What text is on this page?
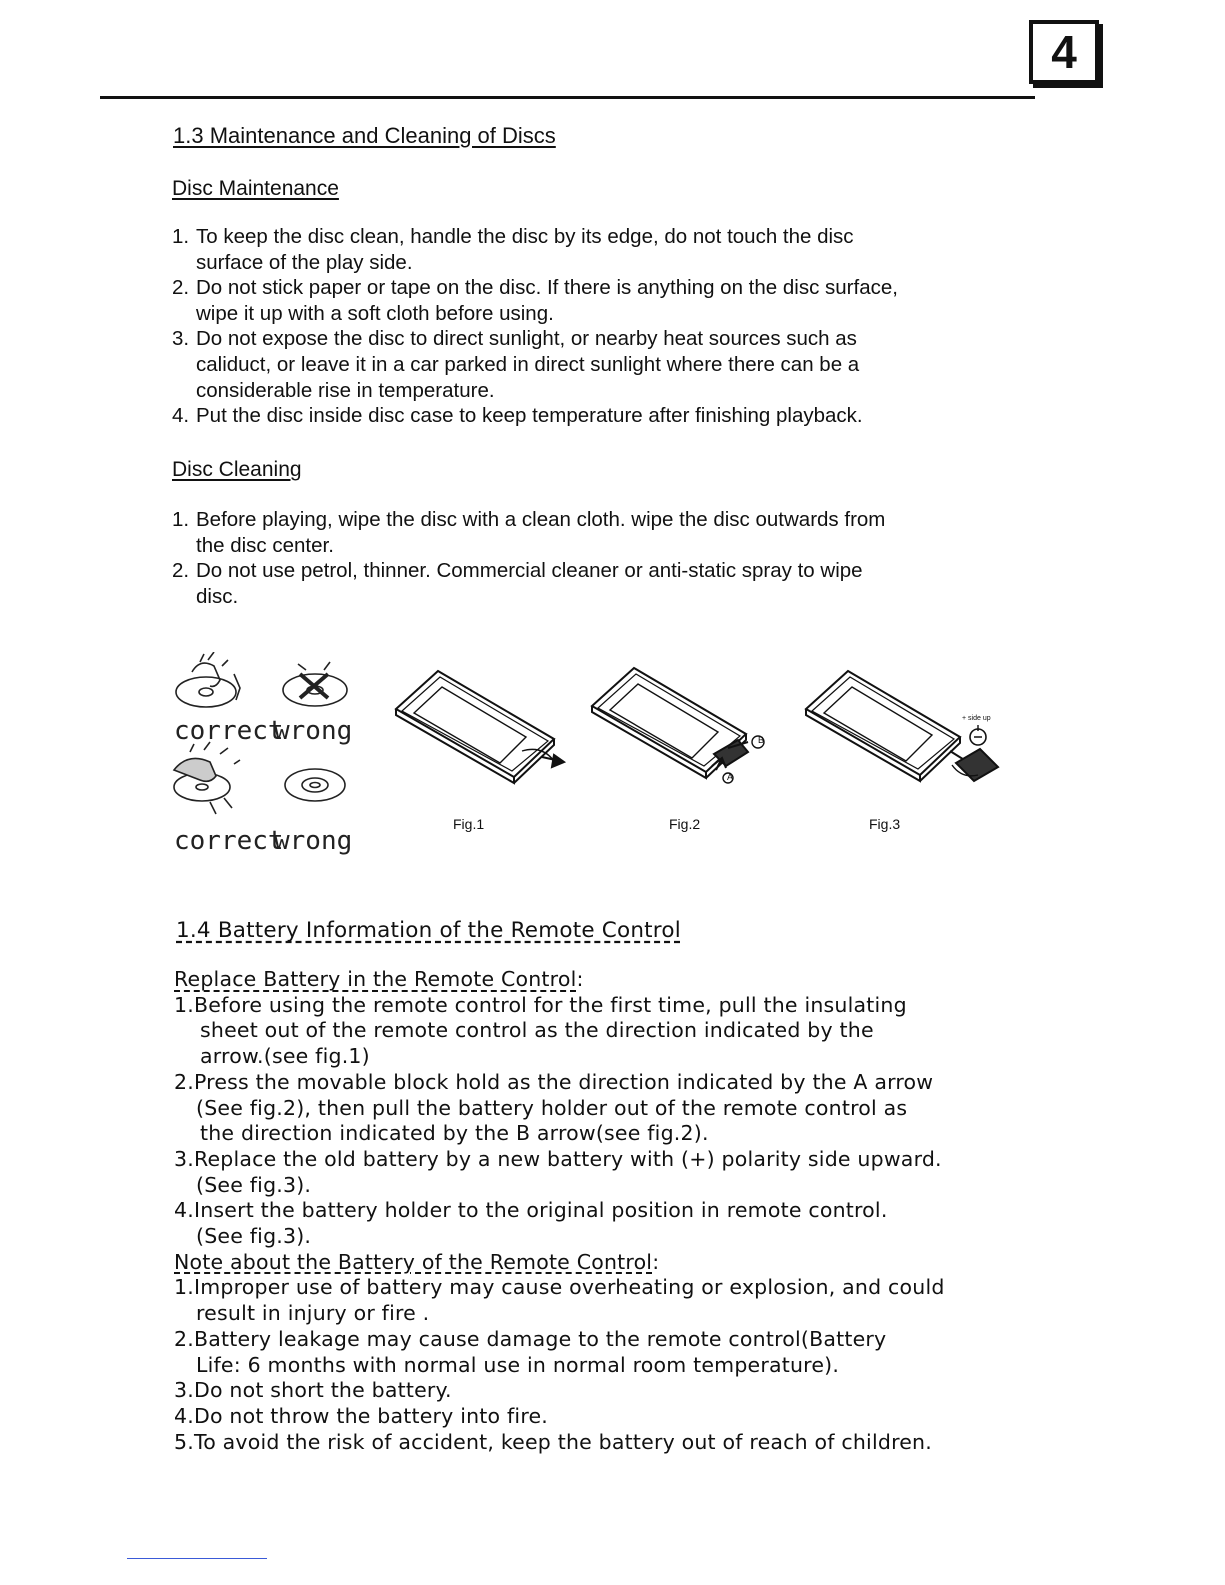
4
1.3 Maintenance and Cleaning of Discs
Disc Maintenance
1. To keep the disc clean, handle the disc by its edge, do not touch the disc
surface of the play side.
2. Do not stick paper or tape on the disc. If there is anything on the disc surface,
wipe it up with a soft cloth before using.
3. Do not expose the disc to direct sunlight, or nearby heat sources such as
caliduct, or leave it in a car parked in direct sunlight where there can be a
considerable rise in temperature.
4. Put the disc inside disc case to keep temperature after finishing playback.
Disc Cleaning
1. Before playing, wipe the disc with a clean cloth. wipe the disc outwards from
the disc center.
2. Do not use petrol, thinner. Commercial cleaner or anti-static spray to wipe
disc.
correct
wrong
correct
wrong
Fig.1
B
A
Fig.2
+ side up
Fig.3
1.4 Battery Information of the Remote Control

Replace Battery in the Remote Control:

1.Before using the remote control for the first time, pull the insulating

sheet out of the remote control as the direction indicated by the

arrow.(see fig.1)

2.Press the movable block hold as the direction indicated by the A arrow

(See fig.2), then pull the battery holder out of the remote control as

the direction indicated by the B arrow(see fig.2).

3.Replace the old battery by a new battery with (+) polarity side upward.

(See fig.3).

4.Insert the battery holder to the original position in remote control.

(See fig.3).

Note about the Battery of the Remote Control:

1.Improper use of battery may cause overheating or explosion, and could

result in injury or fire .

2.Battery leakage may cause damage to the remote control(Battery

Life: 6 months with normal use in normal room temperature).

3.Do not short the battery.

4.Do not throw the battery into fire.

5.To avoid the risk of accident, keep the battery out of reach of children.
